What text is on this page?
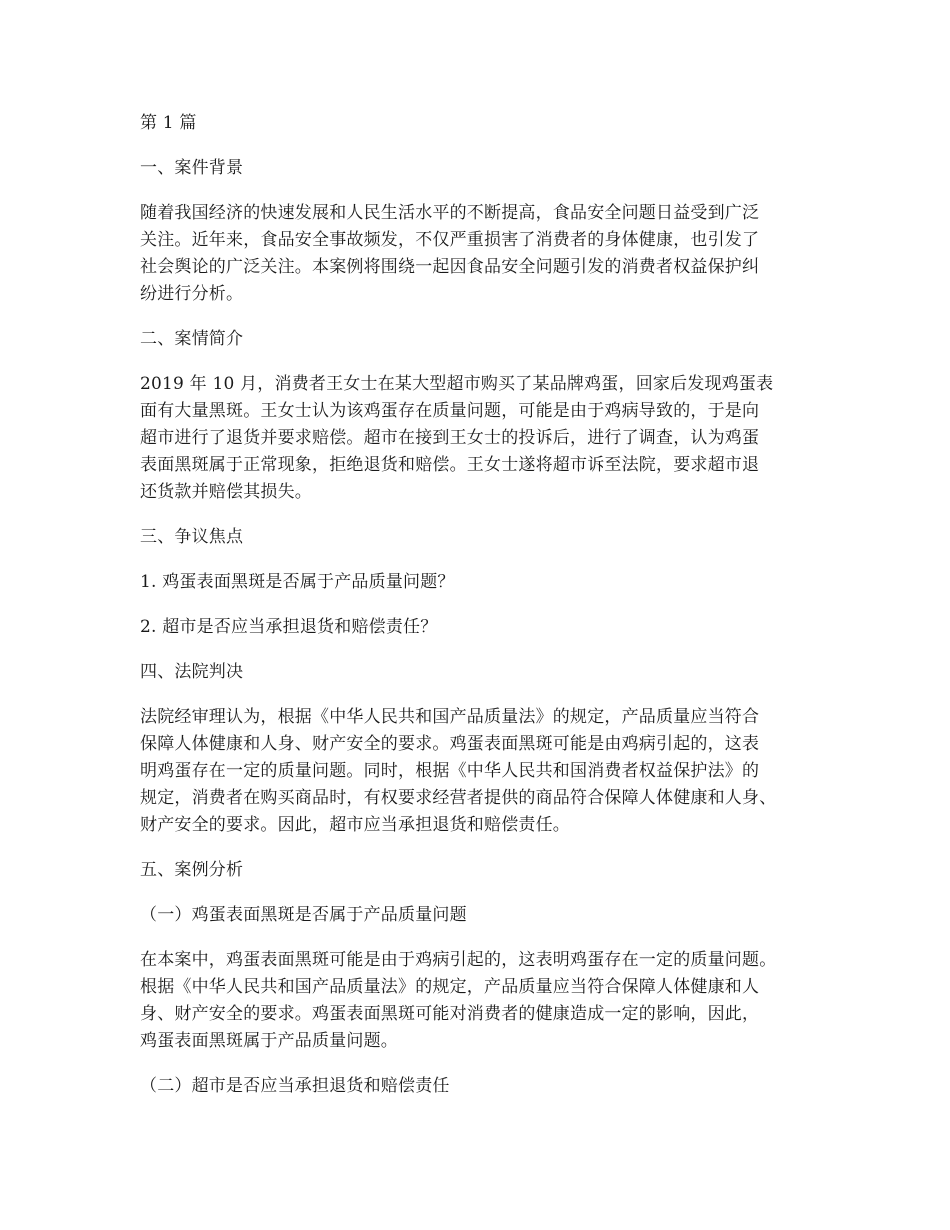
第 1 篇

一、案件背景

随着我国经济的快速发展和人民生活水平的不断提高，食品安全问题日益受到广泛
关注。近年来，食品安全事故频发，不仅严重损害了消费者的身体健康，也引发了
社会舆论的广泛关注。本案例将围绕一起因食品安全问题引发的消费者权益保护纠
纷进行分析。

二、案情简介

2019 年 10 月，消费者王女士在某大型超市购买了某品牌鸡蛋，回家后发现鸡蛋表
面有大量黑斑。王女士认为该鸡蛋存在质量问题，可能是由于鸡病导致的，于是向
超市进行了退货并要求赔偿。超市在接到王女士的投诉后，进行了调查，认为鸡蛋
表面黑斑属于正常现象，拒绝退货和赔偿。王女士遂将超市诉至法院，要求超市退
还货款并赔偿其损失。

三、争议焦点

1. 鸡蛋表面黑斑是否属于产品质量问题？

2. 超市是否应当承担退货和赔偿责任？

四、法院判决

法院经审理认为，根据《中华人民共和国产品质量法》的规定，产品质量应当符合
保障人体健康和人身、财产安全的要求。鸡蛋表面黑斑可能是由鸡病引起的，这表
明鸡蛋存在一定的质量问题。同时，根据《中华人民共和国消费者权益保护法》的
规定，消费者在购买商品时，有权要求经营者提供的商品符合保障人体健康和人身、
财产安全的要求。因此，超市应当承担退货和赔偿责任。

五、案例分析

（一）鸡蛋表面黑斑是否属于产品质量问题

在本案中，鸡蛋表面黑斑可能是由于鸡病引起的，这表明鸡蛋存在一定的质量问题。
根据《中华人民共和国产品质量法》的规定，产品质量应当符合保障人体健康和人
身、财产安全的要求。鸡蛋表面黑斑可能对消费者的健康造成一定的影响，因此，
鸡蛋表面黑斑属于产品质量问题。

（二）超市是否应当承担退货和赔偿责任
